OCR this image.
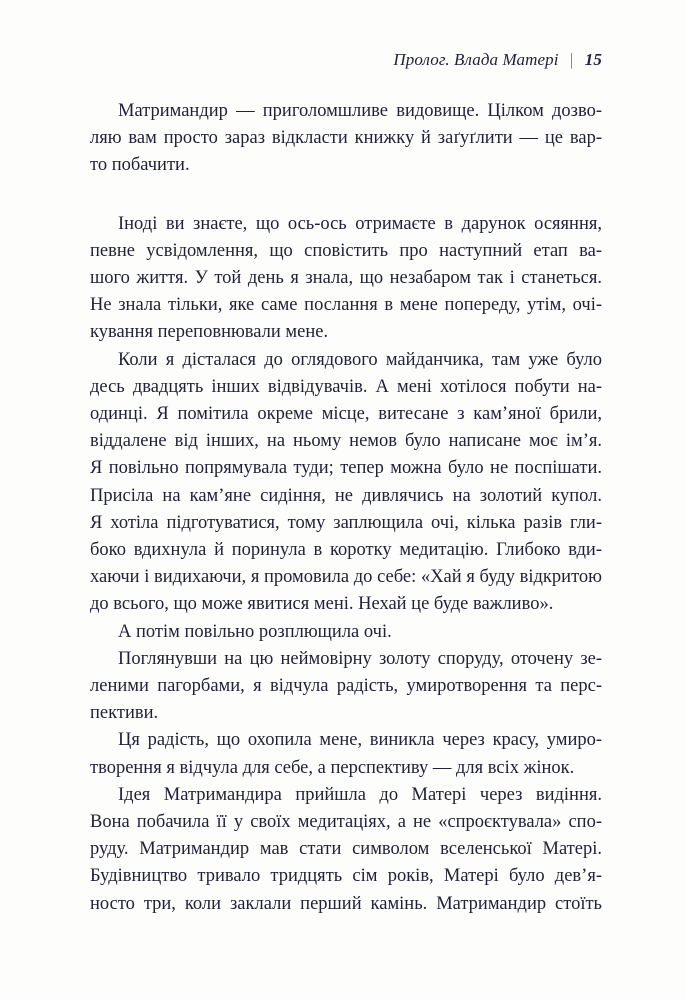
Пролог. Влада Матері | 15
Матримандир — приголомшливе видовище. Цілком дозво-
ляю вам просто зараз відкласти книжку й заґуґлити — це вар-
то побачити.
Іноді ви знаєте, що ось-ось отримаєте в дарунок осяяння,
певне усвідомлення, що сповістить про наступний етап ва-
шого життя. У той день я знала, що незабаром так і станеться.
Не знала тільки, яке саме послання в мене попереду, утім, очі-
кування переповнювали мене.
Коли я дісталася до оглядового майданчика, там уже було
десь двадцять інших відвідувачів. А мені хотілося побути на-
одинці. Я помітила окреме місце, витесане з кам’яної брили,
віддалене від інших, на ньому немов було написане моє ім’я.
Я повільно попрямувала туди; тепер можна було не поспішати.
Присіла на кам’яне сидіння, не дивлячись на золотий купол.
Я хотіла підготуватися, тому заплющила очі, кілька разів гли-
боко вдихнула й поринула в коротку медитацію. Глибоко вди-
хаючи і видихаючи, я промовила до себе: «Хай я буду відкритою
до всього, що може явитися мені. Нехай це буде важливо».
А потім повільно розплющила очі.
Поглянувши на цю неймовірну золоту споруду, оточену зе-
леними пагорбами, я відчула радість, умиротворення та перс-
пективи.
Ця радість, що охопила мене, виникла через красу, умиро-
творення я відчула для себе, а перспективу — для всіх жінок.
Ідея Матримандира прийшла до Матері через видіння.
Вона побачила її у своїх медитаціях, а не «спроєктувала» спо-
руду. Матримандир мав стати символом вселенської Матері.
Будівництво тривало тридцять сім років, Матері було дев’я-
носто три, коли заклали перший камінь. Матримандир стоїть
